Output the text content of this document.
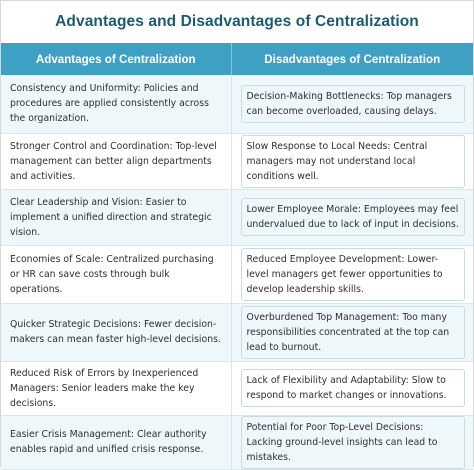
Advantages and Disadvantages of Centralization
Advantages of Centralization	Disadvantages of Centralization
Consistency and Uniformity: Policies and procedures are applied consistently across the organization.	Decision-Making Bottlenecks: Top managers can become overloaded, causing delays.

Stronger Control and Coordination: Top-level management can better align departments and activities.	Slow Response to Local Needs: Central managers may not understand local conditions well.

Clear Leadership and Vision: Easier to implement a unified direction and strategic vision.	Lower Employee Morale: Employees may feel undervalued due to lack of input in decisions.

Economies of Scale: Centralized purchasing or HR can save costs through bulk operations.	Reduced Employee Development: Lower-level managers get fewer opportunities to develop leadership skills.

Quicker Strategic Decisions: Fewer decision-makers can mean faster high-level decisions.	Overburdened Top Management: Too many responsibilities concentrated at the top can lead to burnout.

Reduced Risk of Errors by Inexperienced Managers: Senior leaders make the key decisions.	Lack of Flexibility and Adaptability: Slow to respond to market changes or innovations.

Easier Crisis Management: Clear authority enables rapid and unified crisis response.	Potential for Poor Top-Level Decisions: Lacking ground-level insights can lead to mistakes.
